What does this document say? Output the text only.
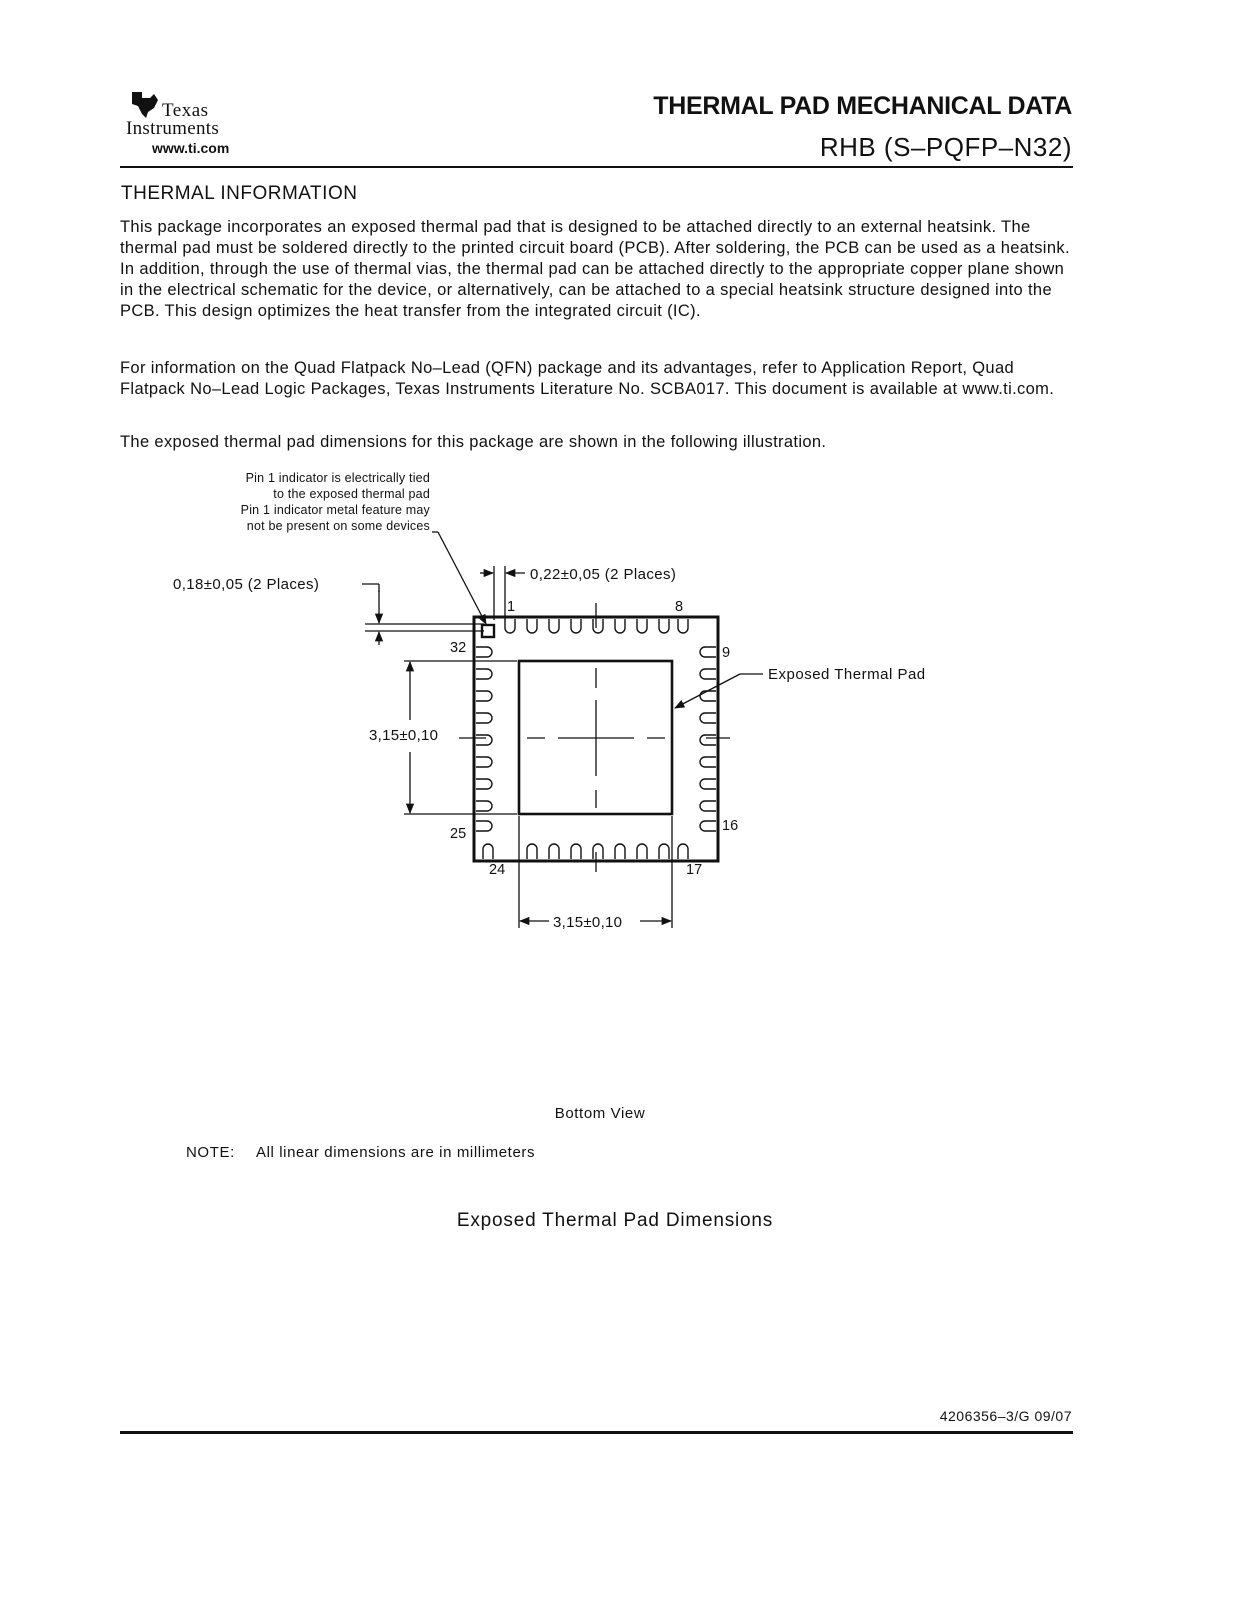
Texas
Instruments
www.ti.com
THERMAL PAD MECHANICAL DATA
RHB (S–PQFP–N32)
THERMAL INFORMATION
This package incorporates an exposed thermal pad that is designed to be attached directly to an external heatsink. The thermal pad must be soldered directly to the printed circuit board (PCB). After soldering, the PCB can be used as a heatsink. In addition, through the use of thermal vias, the thermal pad can be attached directly to the appropriate copper plane shown in the electrical schematic for the device, or alternatively, can be attached to a special heatsink structure designed into the PCB. This design optimizes the heat transfer from the integrated circuit (IC).
For information on the Quad Flatpack No–Lead (QFN) package and its advantages, refer to Application Report, Quad Flatpack No–Lead Logic Packages, Texas Instruments Literature No. SCBA017. This document is available at www.ti.com.
The exposed thermal pad dimensions for this package are shown in the following illustration.
Pin 1 indicator is electrically tied
to the exposed thermal pad
Pin 1 indicator metal feature may
not be present on some devices
1	8
9
16
17
24
25
32
0,22±0,05 (2 Places)
0,18±0,05 (2 Places)
3,15±0,10
3,15±0,10
Exposed Thermal Pad
Bottom View
NOTE: All linear dimensions are in millimeters
Exposed Thermal Pad Dimensions
4206356–3/G 09/07
